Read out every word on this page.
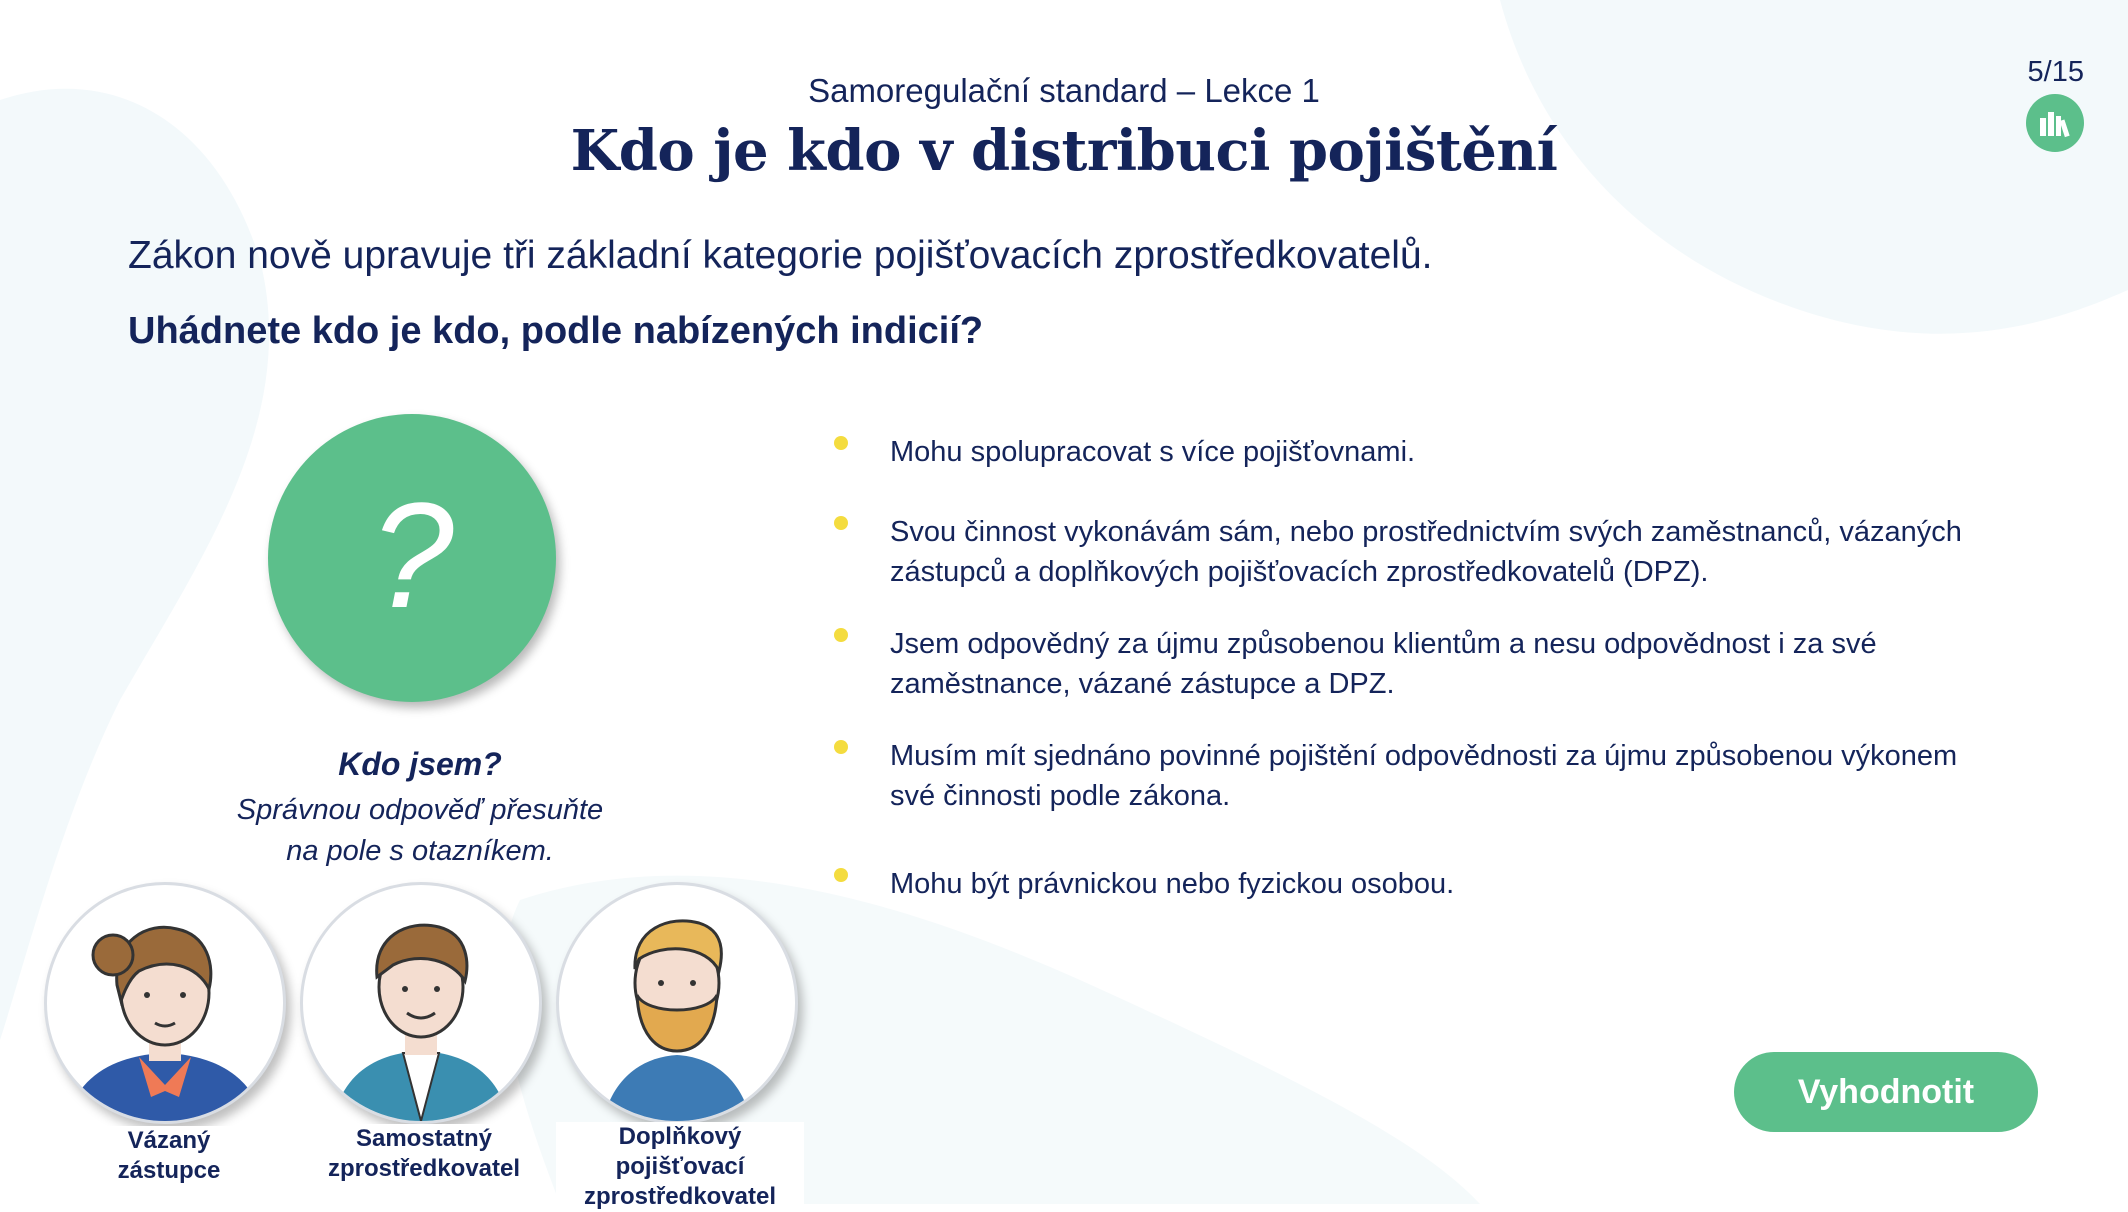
Samoregulační standard – Lekce 1
Kdo je kdo v distribuci pojištění
5/15
Zákon nově upravuje tři základní kategorie pojišťovacích zprostředkovatelů.
Uhádnete kdo je kdo, podle nabízených indicií?
?
Kdo jsem?
Správnou odpověď přesuňte
na pole s otazníkem.
Vázaný
zástupce
Samostatný
zprostředkovatel
Doplňkový pojišťovací
zprostředkovatel
Mohu spolupracovat s více pojišťovnami.
Svou činnost vykonávám sám, nebo prostřednictvím svých zaměstnanců, vázaných
zástupců a doplňkových pojišťovacích zprostředkovatelů (DPZ).
Jsem odpovědný za újmu způsobenou klientům a nesu odpovědnost i za své
zaměstnance, vázané zástupce a DPZ.
Musím mít sjednáno povinné pojištění odpovědnosti za újmu způsobenou výkonem
své činnosti podle zákona.
Mohu být právnickou nebo fyzickou osobou.
Vyhodnotit
